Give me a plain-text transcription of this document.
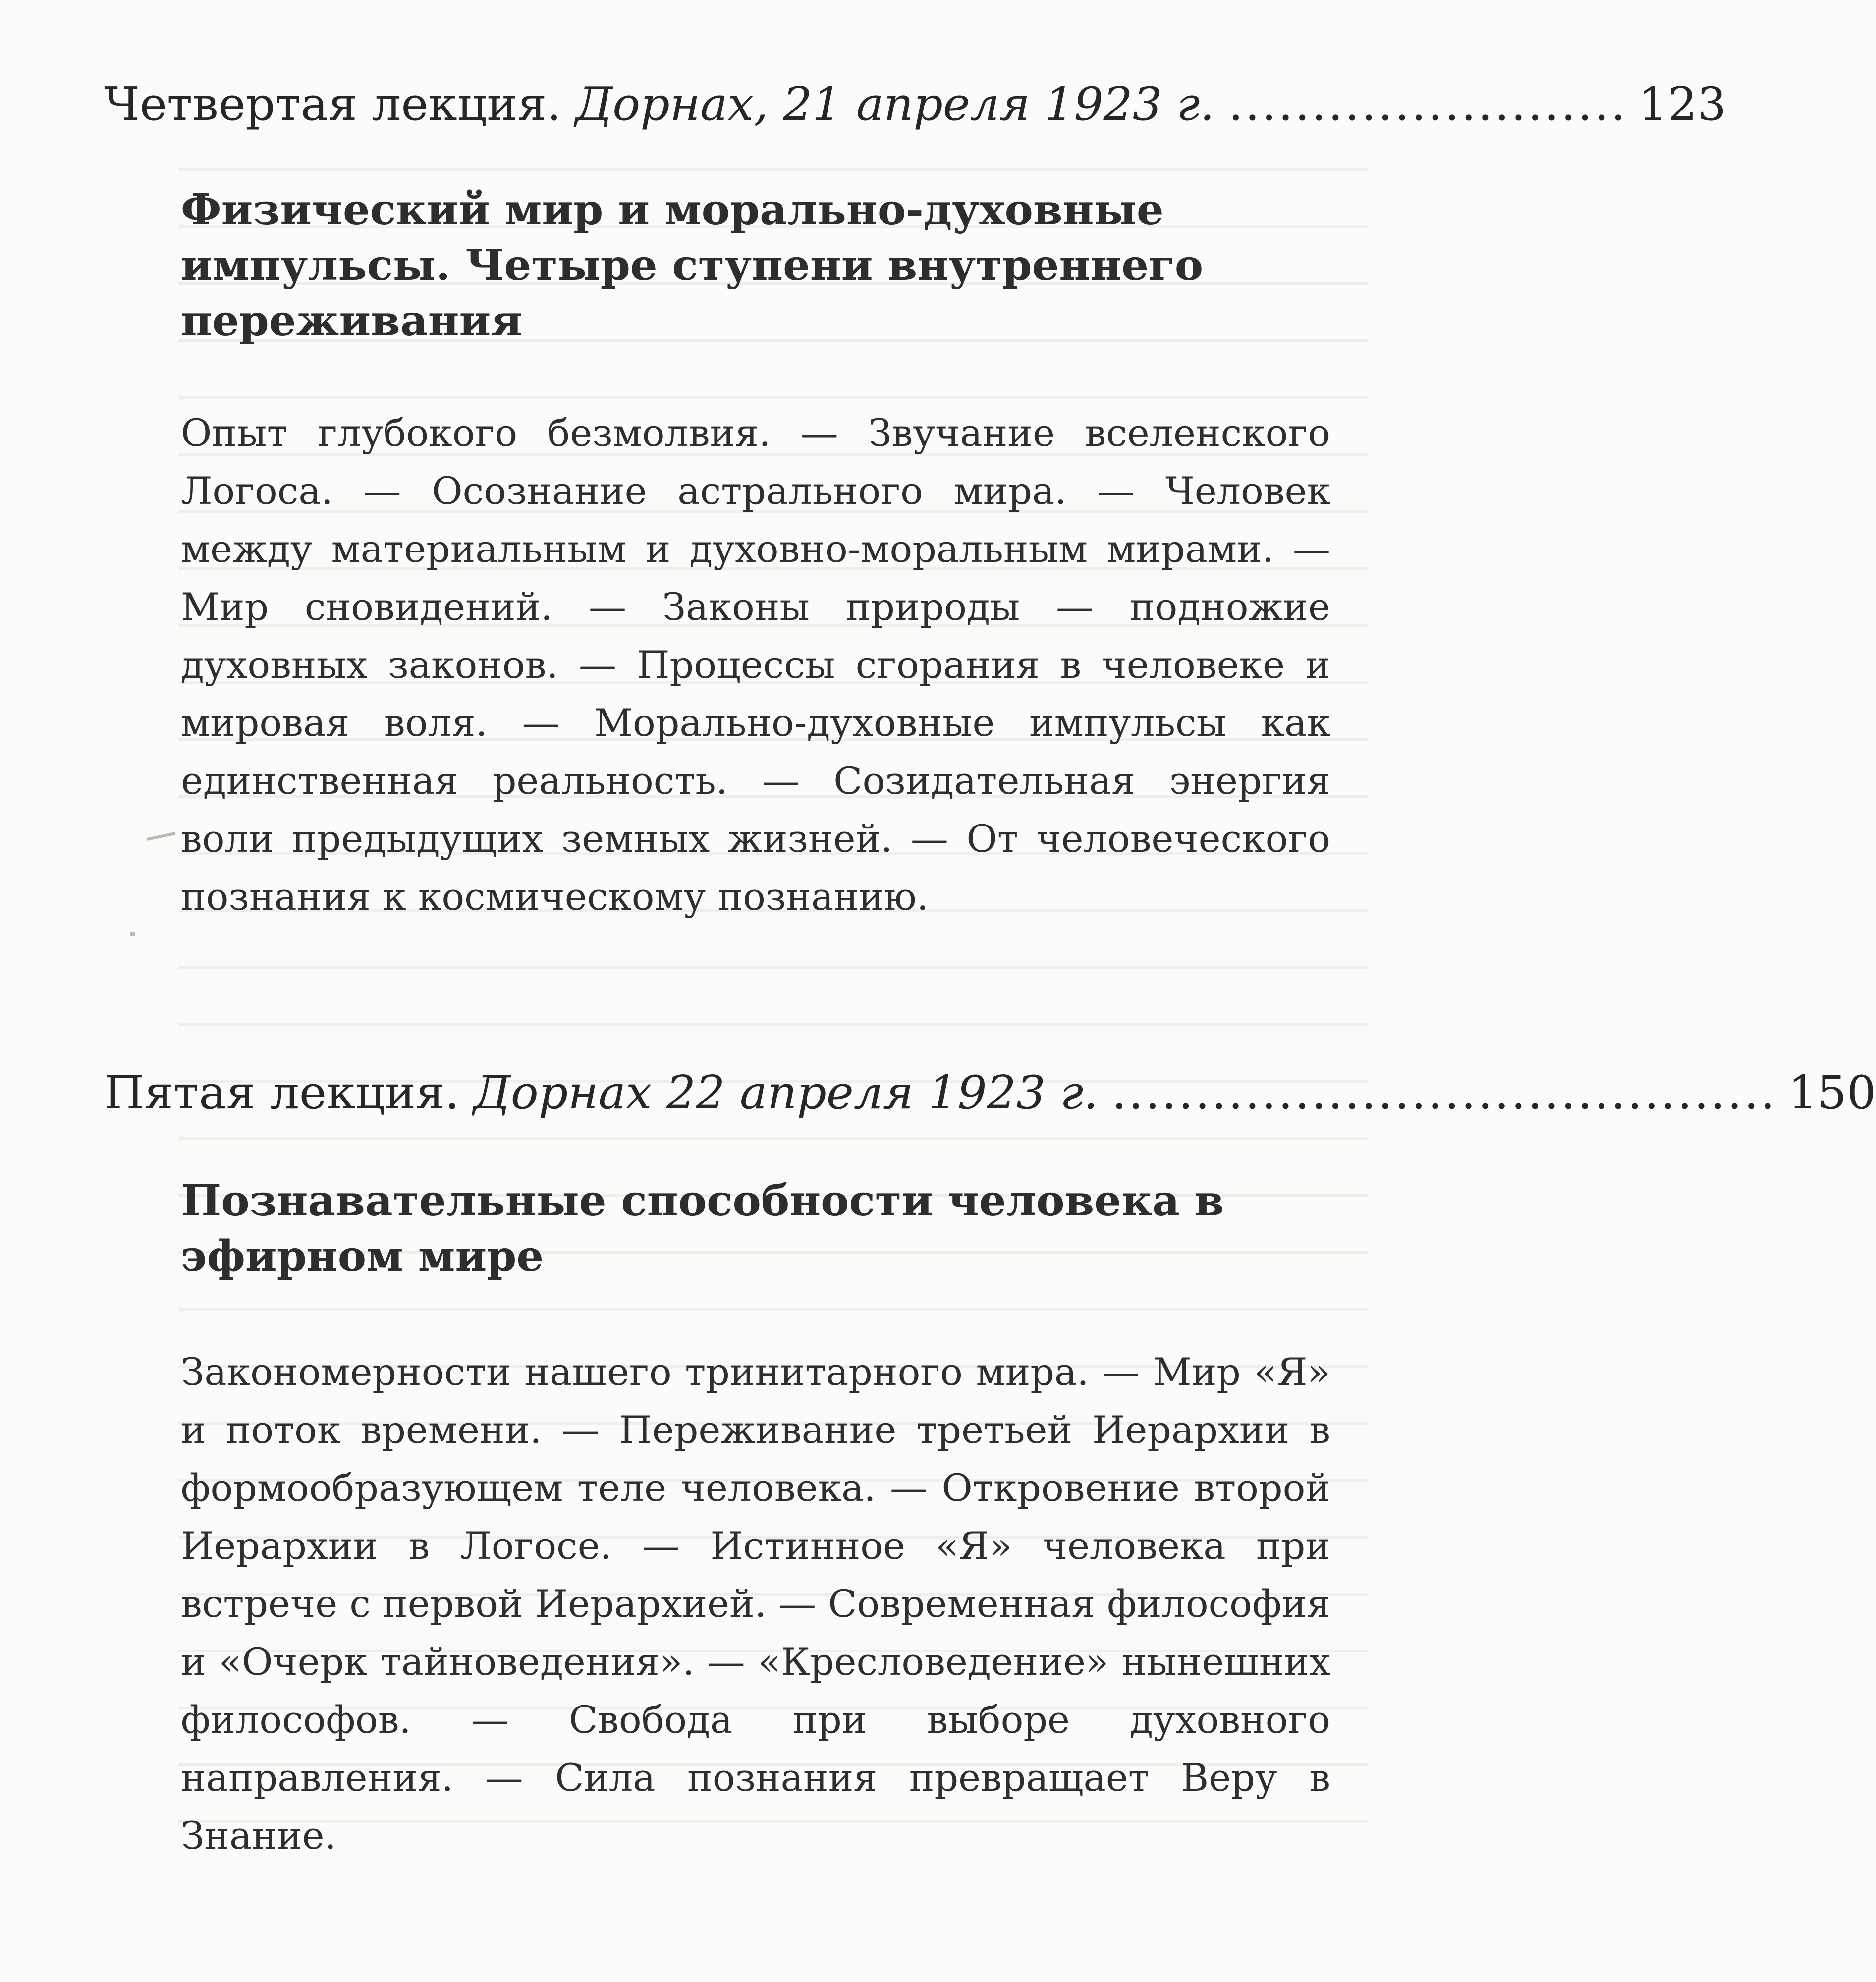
Четвертая лекция. Дорнах, 21 апреля 1923 г. ........................ 123
Физический мир и морально-духовные импульсы. Четыре ступени внутреннего переживания

Опыт глубокого безмолвия. — Звучание вселенского Логоса. — Осознание астрального мира. — Человек между материальным и духовно-моральным мирами. — Мир сновидений. — Законы природы — подножие духовных законов. — Процессы сгорания в человеке и мировая воля. — Морально-духовные импульсы как единственная реальность. — Созидательная энергия воли предыдущих земных жизней. — От человеческого познания к космическому познанию.

Пятая лекция. Дорнах 22 апреля 1923 г. ........................................ 150
Познавательные способности человека в эфирном мире

Закономерности нашего тринитарного мира. — Мир «Я» и поток времени. — Переживание третьей Иерархии в формообразующем теле человека. — Откровение второй Иерархии в Логосе. — Истинное «Я» человека при встрече с первой Иерархией. — Современная философия и «Очерк тайноведения». — «Кресловедение» нынешних философов. — Свобода при выборе духовного направления. — Сила познания превращает Веру в Знание.
